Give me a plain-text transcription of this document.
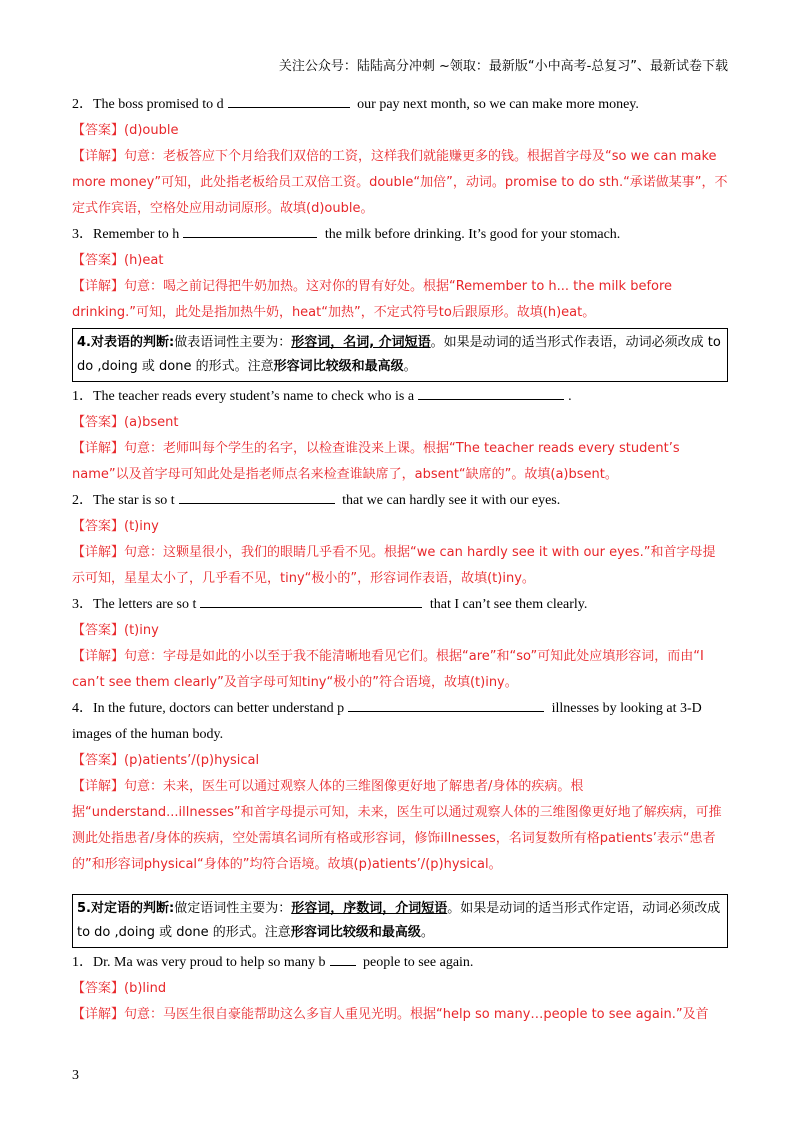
关注公众号：陆陆高分冲刺 ~领取：最新版“小中高考-总复习”、最新试卷下载
2．The boss promised to d	our pay next month, so we can make more money.
【答案】(d)ouble
【详解】句意：老板答应下个月给我们双倍的工资，这样我们就能赚更多的钱。根据首字母及“so we can make more money”可知，此处指老板给员工双倍工资。double“加倍”，动词。promise to do sth.“承诺做某事”，不定式作宾语，空格处应用动词原形。故填(d)ouble。
3．Remember to h	the milk before drinking. It’s good for your stomach.
【答案】(h)eat
【详解】句意：喝之前记得把牛奶加热。这对你的胃有好处。根据“Remember to h... the milk before drinking.”可知，此处是指加热牛奶，heat“加热”，不定式符号to后跟原形。故填(h)eat。
4.对表语的判断:做表语词性主要为：形容词，名词, 介词短语。如果是动词的适当形式作表语，动词必须改成 to do ,doing 或 done 的形式。注意形容词比较级和最高级。
1．The teacher reads every student’s name to check who is a	.
【答案】(a)bsent
【详解】句意：老师叫每个学生的名字，以检查谁没来上课。根据“The teacher reads every student’s name”以及首字母可知此处是指老师点名来检查谁缺席了，absent“缺席的”。故填(a)bsent。
2．The star is so t	that we can hardly see it with our eyes.
【答案】(t)iny
【详解】句意：这颗星很小，我们的眼睛几乎看不见。根据“we can hardly see it with our eyes.”和首字母提示可知，星星太小了，几乎看不见，tiny“极小的”，形容词作表语，故填(t)iny。
3．The letters are so t	that I can’t see them clearly.
【答案】(t)iny
【详解】句意：字母是如此的小以至于我不能清晰地看见它们。根据“are”和“so”可知此处应填形容词，而由“I can’t see them clearly”及首字母可知tiny“极小的”符合语境，故填(t)iny。
4．In the future, doctors can better understand p	illnesses by looking at 3-D images of the human body.
【答案】(p)atients’/(p)hysical
【详解】句意：未来，医生可以通过观察人体的三维图像更好地了解患者/身体的疾病。根据“understand...illnesses”和首字母提示可知，未来，医生可以通过观察人体的三维图像更好地了解疾病，可推测此处指患者/身体的疾病，空处需填名词所有格或形容词，修饰illnesses，名词复数所有格patients’表示“患者的”和形容词physical“身体的”均符合语境。故填(p)atients’/(p)hysical。
5.对定语的判断:做定语词性主要为：形容词，序数词，介词短语。如果是动词的适当形式作定语，动词必须改成 to do ,doing 或 done 的形式。注意形容词比较级和最高级。
1．Dr. Ma was very proud to help so many b people to see again.
【答案】(b)lind
【详解】句意：马医生很自豪能帮助这么多盲人重见光明。根据“help so many…people to see again.”及首
3
